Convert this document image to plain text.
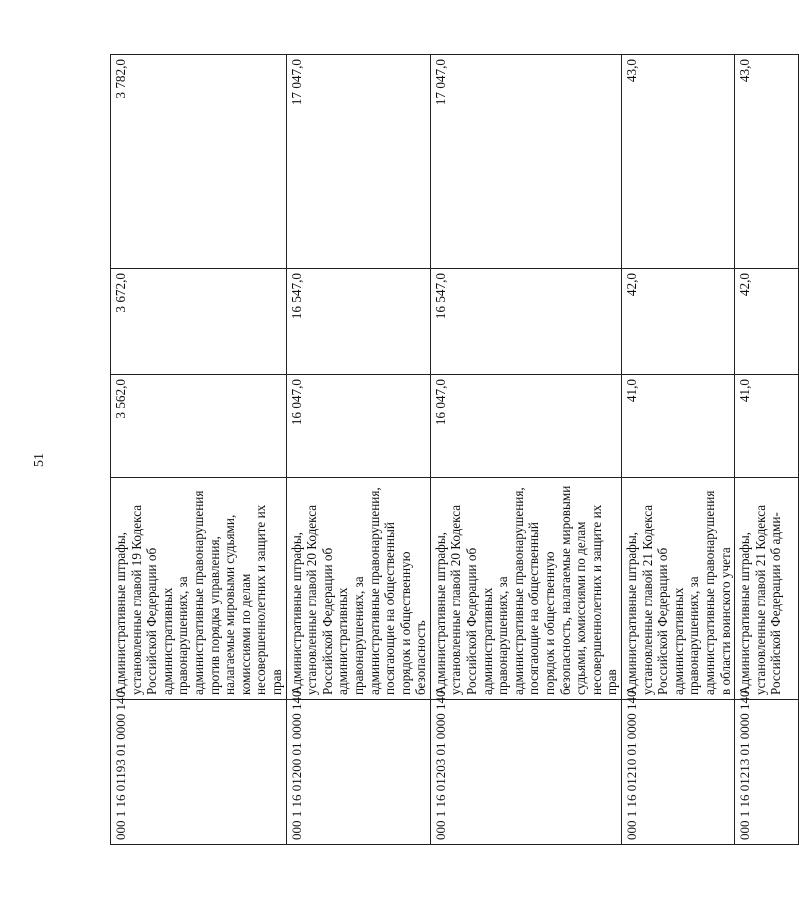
51
000 1 16 01193 01 0000 140	Административные штрафы, установленные главой 19 Кодекса Российской Федерации об административных правонарушениях, за административные правонарушения против порядка управления, налагаемые мировыми судьями, комиссиями по делам несовершеннолетних и защите их прав	3 562,0	3 672,0	3 782,0
000 1 16 01200 01 0000 140	Административные штрафы, установленные главой 20 Кодекса Российской Федерации об административных правонарушениях, за административные правонарушения, посягающие на общественный порядок и общественную безопасность	16 047,0	16 547,0	17 047,0
000 1 16 01203 01 0000 140	Административные штрафы, установленные главой 20 Кодекса Российской Федерации об административных правонарушениях, за административные правонарушения, посягающие на общественный порядок и общественную безопасность, налагаемые мировыми судьями, комиссиями по делам несовершеннолетних и защите их прав	16 047,0	16 547,0	17 047,0
000 1 16 01210 01 0000 140	Административные штрафы, установленные главой 21 Кодекса Российской Федерации об административных правонарушениях, за административные правонарушения в области воинского учета	41,0	42,0	43,0
000 1 16 01213 01 0000 140	Административные штрафы, установленные главой 21 Кодекса Российской Федерации об адми-	41,0	42,0	43,0
